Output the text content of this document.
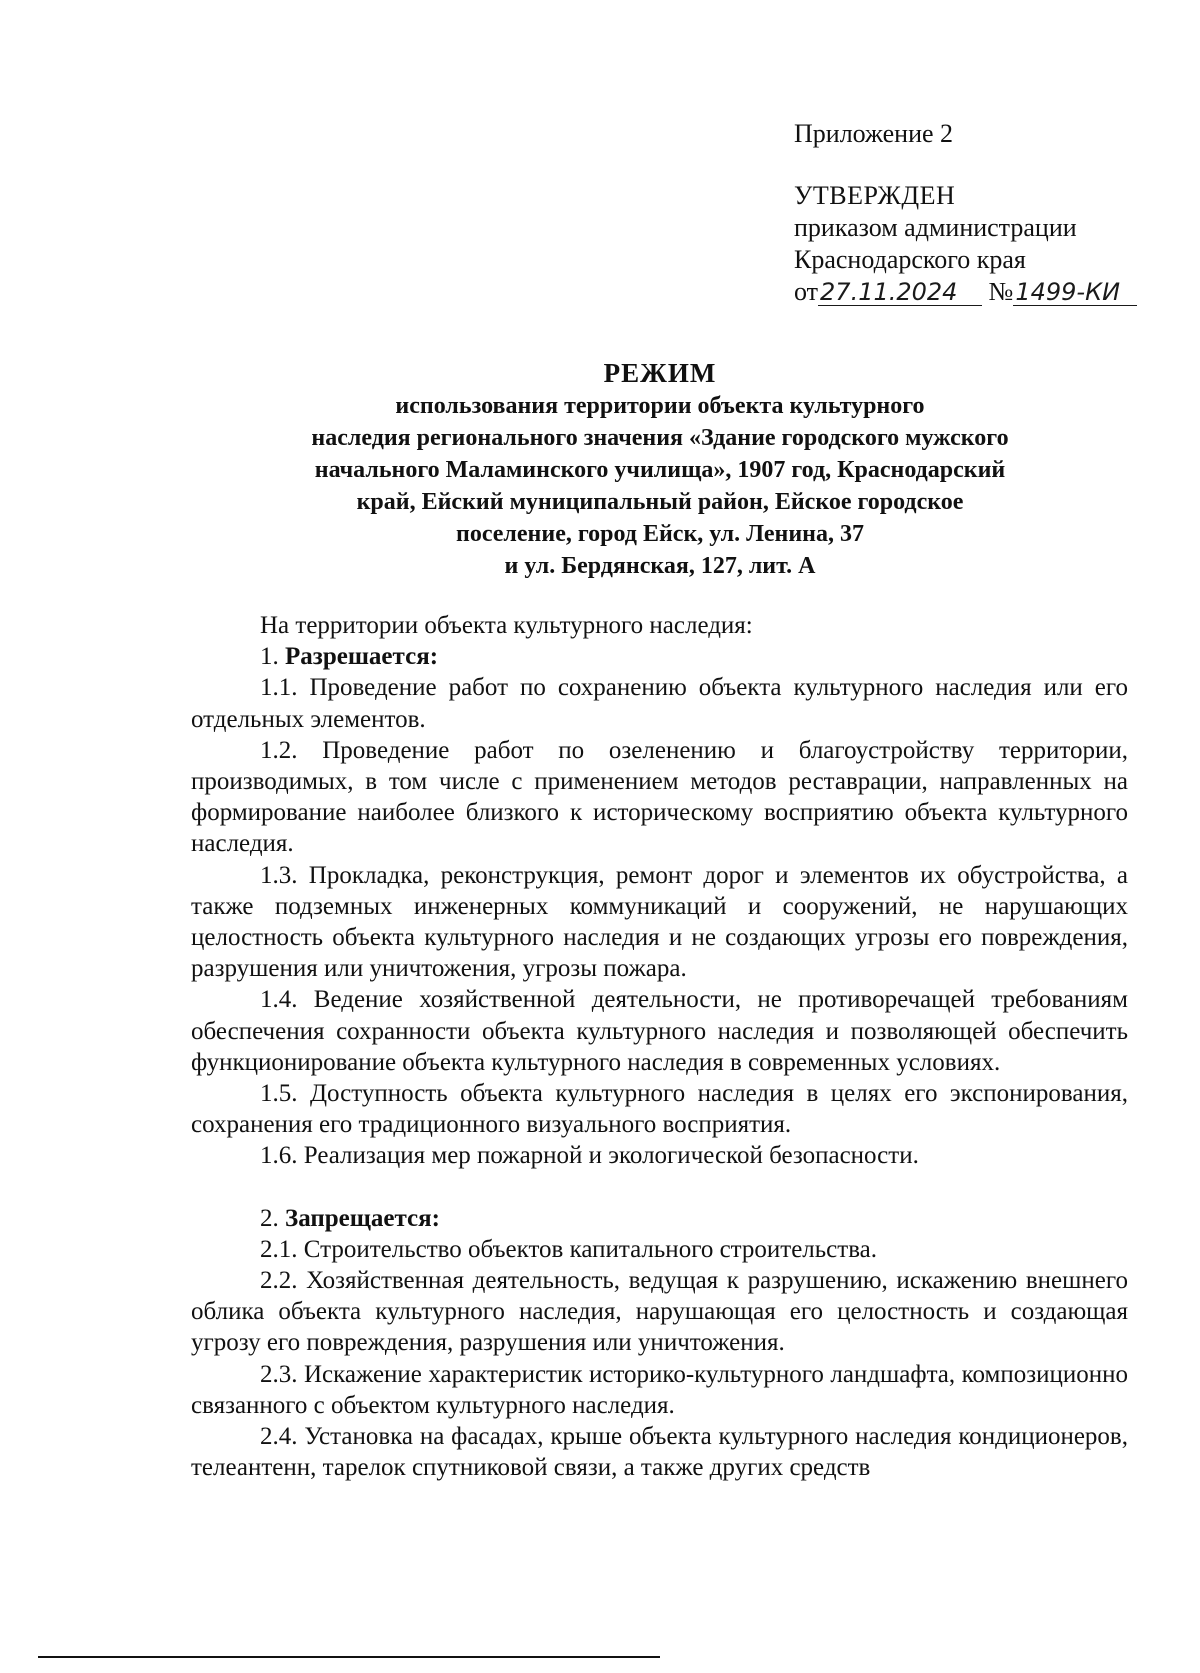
Приложение 2
УТВЕРЖДЕН
приказом администрации
Краснодарского края
от27.11.2024 №1499-КИ
РЕЖИМ
использования территории объекта культурного
наследия регионального значения «Здание городского мужского
начального Маламинского училища», 1907 год, Краснодарский
край, Ейский муниципальный район, Ейское городское
поселение, город Ейск, ул. Ленина, 37
и ул. Бердянская, 127, лит. А

На территории объекта культурного наследия:

1. Разрешается:

1.1. Проведение работ по сохранению объекта культурного наследия или его отдельных элементов.

1.2. Проведение работ по озеленению и благоустройству территории, производимых, в том числе с применением методов реставрации, направленных на формирование наиболее близкого к историческому восприятию объекта культурного наследия.

1.3. Прокладка, реконструкция, ремонт дорог и элементов их обустройства, а также подземных инженерных коммуникаций и сооружений, не нарушающих целостность объекта культурного наследия и не создающих угрозы его повреждения, разрушения или уничтожения, угрозы пожара.

1.4. Ведение хозяйственной деятельности, не противоречащей требованиям обеспечения сохранности объекта культурного наследия и позволяющей обеспечить функционирование объекта культурного наследия в современных условиях.

1.5. Доступность объекта культурного наследия в целях его экспонирования, сохранения его традиционного визуального восприятия.

1.6. Реализация мер пожарной и экологической безопасности.

2. Запрещается:

2.1. Строительство объектов капитального строительства.

2.2. Хозяйственная деятельность, ведущая к разрушению, искажению внешнего облика объекта культурного наследия, нарушающая его целостность и создающая угрозу его повреждения, разрушения или уничтожения.

2.3. Искажение характеристик историко-культурного ландшафта, композиционно связанного с объектом культурного наследия.

2.4. Установка на фасадах, крыше объекта культурного наследия кондиционеров, телеантенн, тарелок спутниковой связи, а также других средств
